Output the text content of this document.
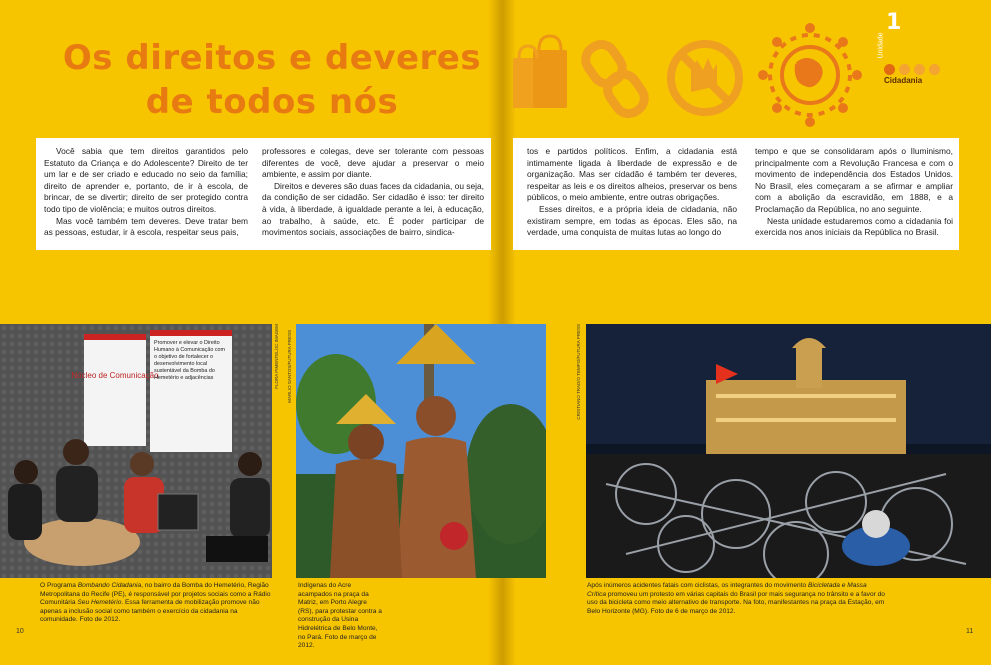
Os direitos e deveres
de todos nós
1
Unidade
Cidadania

Você sabia que tem direitos garantidos pelo Estatuto da Criança e do Adolescente? Direito de ter um lar e de ser criado e educado no seio da família; direito de aprender e, portanto, de ir à escola, de brincar, de se divertir; direito de ser protegido contra todo tipo de violência; e muitos outros direitos.

Mas você também tem deveres. Deve tratar bem as pessoas, estudar, ir à escola, respeitar seus pais,

professores e colegas, deve ser tolerante com pessoas diferentes de você, deve ajudar a preservar o meio ambiente, e assim por diante.

Direitos e deveres são duas faces da cidadania, ou seja, da condição de ser cidadão. Ser cidadão é isso: ter direito à vida, à liberdade, à igualdade perante a lei, à educação, ao trabalho, à saúde, etc. É poder participar de movimentos sociais, associações de bairro, sindica-

tos e partidos políticos. Enfim, a cidadania está intimamente ligada à liberdade de expressão e de organização. Mas ser cidadão é também ter deveres, respeitar as leis e os direitos alheios, preservar os bens públicos, o meio ambiente, entre outras obrigações.

Esses direitos, e a própria ideia de cidadania, não existiram sempre, em todas as épocas. Eles são, na verdade, uma conquista de muitas lutas ao longo do

tempo e que se consolidaram após o Iluminismo, principalmente com a Revolução Francesa e com o movimento de independência dos Estados Unidos. No Brasil, eles começaram a se afirmar e ampliar com a abolição da escravidão, em 1888, e a Proclamação da República, no ano seguinte.

Nesta unidade estudaremos como a cidadania foi exercida nos anos iniciais da República no Brasil.

Núcleo de Comunicação
Promover e elevar o Direito Humano à Comunicação com o objetivo de fortalecer o desenvolvimento local sustentável da Bomba do Hemetério e adjacências	FLORA PIMENTEL/JC IMAGEM
O Programa Bombando Cidadania, no bairro da Bomba do Hemetério, Região Metropolitana do Recife (PE), é responsável por projetos sociais como a Rádio Comunitária Seu Hemetério. Essa ferramenta de mobilização promove não apenas a inclusão social como também o exercício da cidadania na comunidade. Foto de 2012.
MARLIO SANTOS/FUTURA PRESS
Indígenas do Acre acampados na praça da Matriz, em Porto Alegre (RS), para protestar contra a construção da Usina Hidrelétrica de Belo Monte, no Pará. Foto de março de 2012.
CRISTIANO TRAD/O TEMPO/FUTURA PRESS
Após inúmeros acidentes fatais com ciclistas, os integrantes do movimento Bicicletada e Massa Crítica promoveu um protesto em várias capitais do Brasil por mais segurança no trânsito e a favor do uso da bicicleta como meio alternativo de transporte. Na foto, manifestantes na praça da Estação, em Belo Horizonte (MG). Foto de 6 de março de 2012.
10	11
